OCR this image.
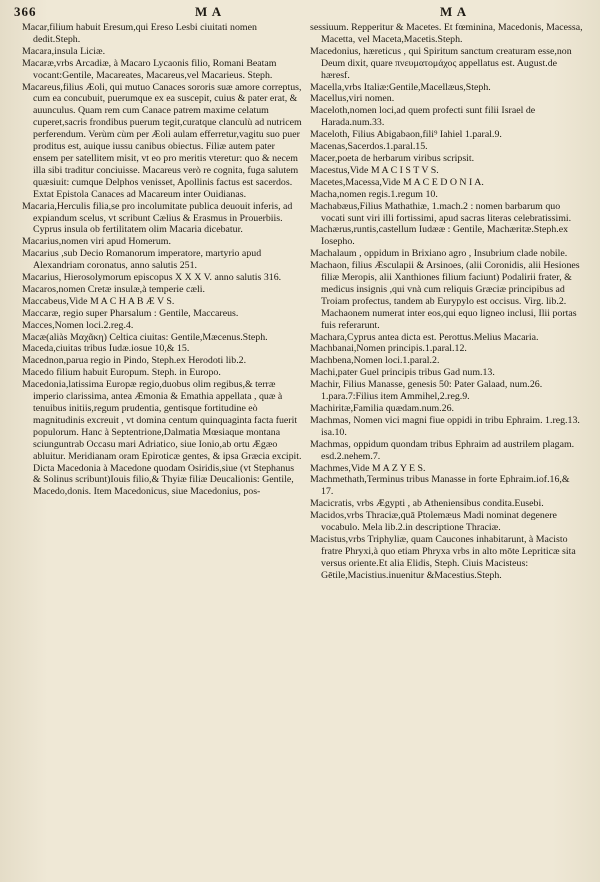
366	M A	M A

Macar,filium habuit Eresum,qui Ereso Lesbi ciuitati nomen dedit.Steph.

Macara,insula Liciæ.

Macaræ,vrbs Arcadiæ, à Macaro Lycaonis filio, Romani Beatam vocant:Gentile, Macareates, Macareus,vel Macarieus. Steph.

Macareus,filius Æoli, qui mutuo Canaces sororis suæ amore correptus, cum ea concubuit, puerumque ex ea suscepit, cuius & pater erat, & auunculus. Quam rem cum Canace patrem maxime celatum cuperet,sacris frondibus puerum tegit,curatque clanculù ad nutricem perferendum. Verùm cùm per Æoli aulam efferretur,vagitu suo puer proditus est, auique iussu canibus obiectus. Filiæ autem pater ensem per satellitem misit, vt eo pro meritis vteretur: quo & necem illa sibi traditur conciuisse. Macareus verò re cognita, fuga salutem quæsiuit: cumque Delphos venisset, Apollinis factus est sacerdos. Extat Epistola Canaces ad Macareum inter Ouidianas.

Macaria,Herculis filia,se pro incolumitate publica deuouit inferis, ad expiandum scelus, vt scribunt Cælius & Erasmus in Prouerbiis. Cyprus insula ob fertilitatem olim Macaria dicebatur.

Macarius,nomen viri apud Homerum.

Macarius ,sub Decio Romanorum imperatore, martyrio apud Alexandriam coronatus, anno salutis 251.

Macarius, Hierosolymorum episcopus X X X V. anno salutis 316.

Macaros,nomen Cretæ insulæ,à temperie cæli.

Maccabeus,Vide M A C H A B Æ V S.

Maccaræ, regio super Pharsalum : Gentile, Maccareus.

Macces,Nomen loci.2.reg.4.

Macæ(aliàs Μαχᾶκη) Celtica ciuitas: Gentile,Mæcenus.Steph.

Maceda,ciuitas tribus Iudæ.iosue 10,& 15.

Macednon,parua regio in Pindo, Steph.ex Herodoti lib.2.

Macedo filium habuit Europum. Steph. in Europo.

Macedonia,latissima Europæ regio,duobus olim regibus,& terræ imperio clarissima, antea Æmonia & Emathia appellata , quæ à tenuibus initiis,regum prudentia, gentisque fortitudine eò magnitudinis excreuit , vt domina centum quinquaginta facta fuerit populorum. Hanc à Septentrione,Dalmatia Mœsiaque montana sciunguntrab Occasu mari Adriatico, siue Ionio,ab ortu Ægæo abluitur. Meridianam oram Epiroticæ gentes, & ipsa Græcia excipit. Dicta Macedonia à Macedone quodam Osiridis,siue (vt Stephanus & Solinus scribunt)Iouis filio,& Thyiæ filiæ Deucalionis: Gentile, Macedo,donis. Item Macedonicus, siue Macedonius, pos-

sessiuum. Repperitur & Macetes. Et fœminina, Macedonis, Macessa, Macetta, vel Maceta,Macetis.Steph.

Macedonius, hæreticus , qui Spiritum sanctum creaturam esse,non Deum dixit, quare πνευματομάχος appellatus est. August.de hæresf.

Macella,vrbs Italiæ:Gentile,Macellæus,Steph.

Macellus,viri nomen.

Maceloth,nomen loci,ad quem profecti sunt filii Israel de Harada.num.33.

Maceloth, Filius Abigabaon,fili⁹ Iahiel 1.paral.9.

Macenas,Sacerdos.1.paral.15.

Macer,poeta de herbarum viribus scripsit.

Macestus,Vide M A C I S T V S.

Macetes,Macessa,Vide M A C E D O N I A.

Macha,nomen regis.1.regum 10.

Machabæus,Filius Mathathiæ, 1.mach.2 : nomen barbarum quo vocati sunt viri illi fortissimi, apud sacras literas celebratissimi.

Machærus,runtis,castellum Iudææ : Gentile, Machæritæ.Steph.ex Iosepho.

Machalaum , oppidum in Brixiano agro , Insubrium clade nobile.

Machaon, filius Æsculapii & Arsinoes, (alii Coronidis, alii Hesiones filiæ Meropis, alii Xanthiones filium faciunt) Podalirii frater, & medicus insignis ,qui vnà cum reliquis Græciæ principibus ad Troiam profectus, tandem ab Eurypylo est occisus. Virg. lib.2. Machaonem numerat inter eos,qui equo ligneo inclusi, Ilii portas fuis referarunt.

Machara,Cyprus antea dicta est. Perottus.Melius Macaria.

Machbanai,Nomen principis.1.paral.12.

Machbena,Nomen loci.1.paral.2.

Machi,pater Guel principis tribus Gad num.13.

Machir, Filius Manasse, genesis 50: Pater Galaad, num.26. 1.para.7:Filius item Ammihel,2.reg.9.

Machiritæ,Familia quædam.num.26.

Machmas, Nomen vici magni fiue oppidi in tribu Ephraim. 1.reg.13. isa.10.

Machmas, oppidum quondam tribus Ephraim ad austrilem plagam. esd.2.nehem.7.

Machmes,Vide M A Z Y E S.

Machmethath,Terminus tribus Manasse in forte Ephraim.iof.16,& 17.

Macicratis, vrbs Ægypti , ab Atheniensibus condita.Eusebi.

Macidos,vrbs Thraciæ,quā Ptolemæus Madi nominat degenere vocabulo. Mela lib.2.in descriptione Thraciæ.

Macistus,vrbs Triphyliæ, quam Caucones inhabitarunt, à Macisto fratre Phryxi,à quo etiam Phryxa vrbs in alto mōte Lepriticæ sita versus oriente.Et alia Elidis, Steph. Ciuis Macisteus: Gētile,Macistius.inuenitur &Macestius.Steph.
